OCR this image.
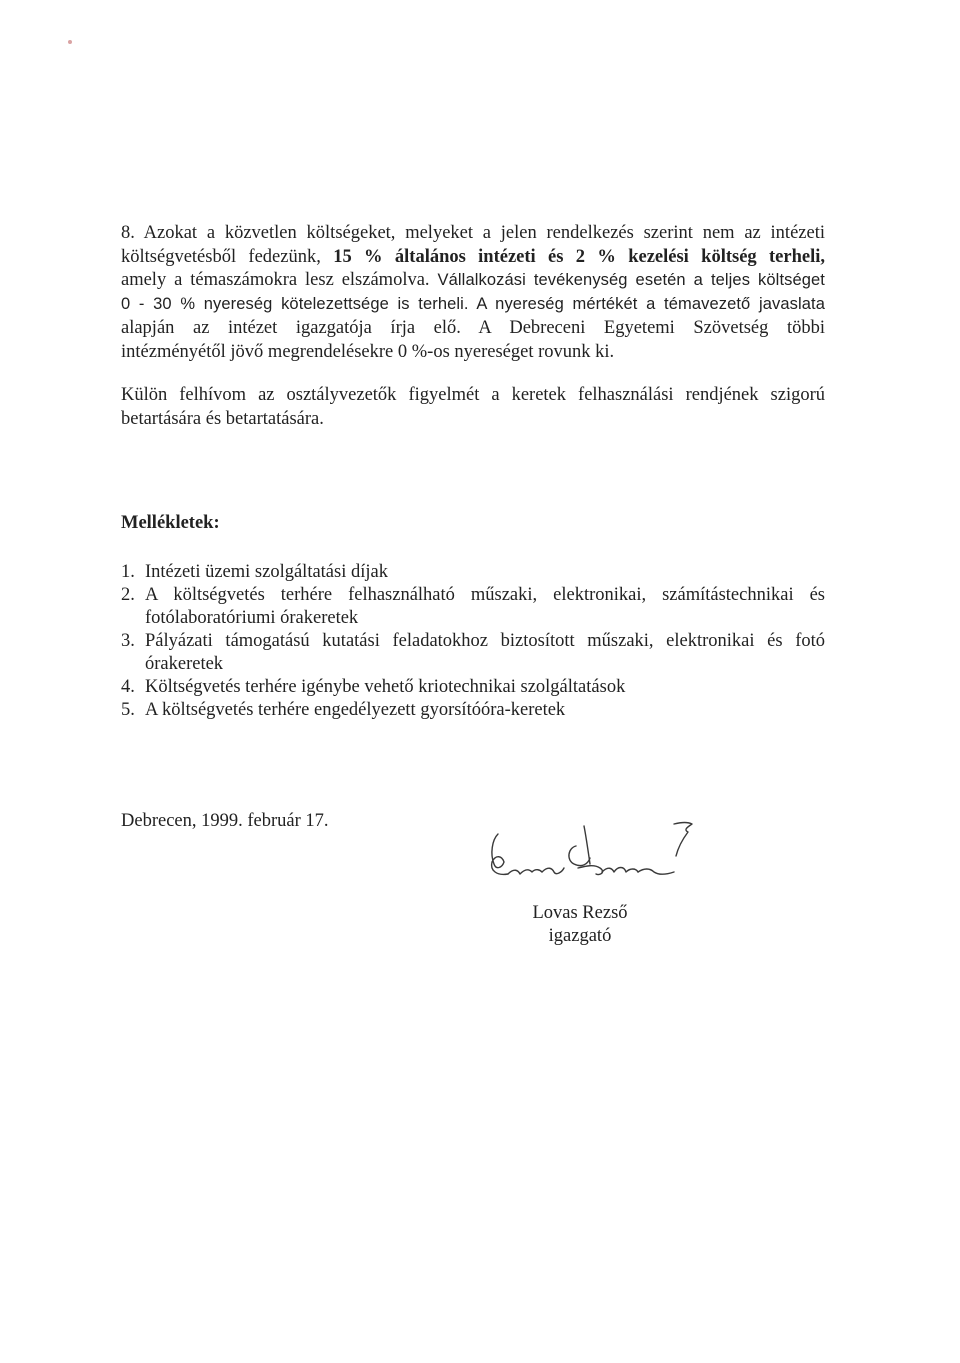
8. Azokat a közvetlen költségeket, melyeket a jelen rendelkezés szerint nem az intézeti
költségvetésből fedezünk, 15 % általános intézeti és 2 % kezelési költség terheli,
amely a témaszámokra lesz elszámolva. Vállalkozási tevékenység esetén a teljes költséget
0 - 30 % nyereség kötelezettsége is terheli. A nyereség mértékét a témavezető javaslata
alapján az intézet igazgatója írja elő. A Debreceni Egyetemi Szövetség többi
intézményétől jövő megrendelésekre 0 %-os nyereséget rovunk ki.
Külön felhívom az osztályvezetők figyelmét a keretek felhasználási rendjének szigorú
betartására és betartatására.
Mellékletek:
1. Intézeti üzemi szolgáltatási díjak
2. A költségvetés terhére felhasználható műszaki, elektronikai, számítástechnikai és
fotólaboratóriumi órakeretek
3. Pályázati támogatású kutatási feladatokhoz biztosított műszaki, elektronikai és fotó
órakeretek
4. Költségvetés terhére igénybe vehető kriotechnikai szolgáltatások
5. A költségvetés terhére engedélyezett gyorsítóóra-keretek
Debrecen, 1999. február 17.
Lovas Rezső
igazgató
